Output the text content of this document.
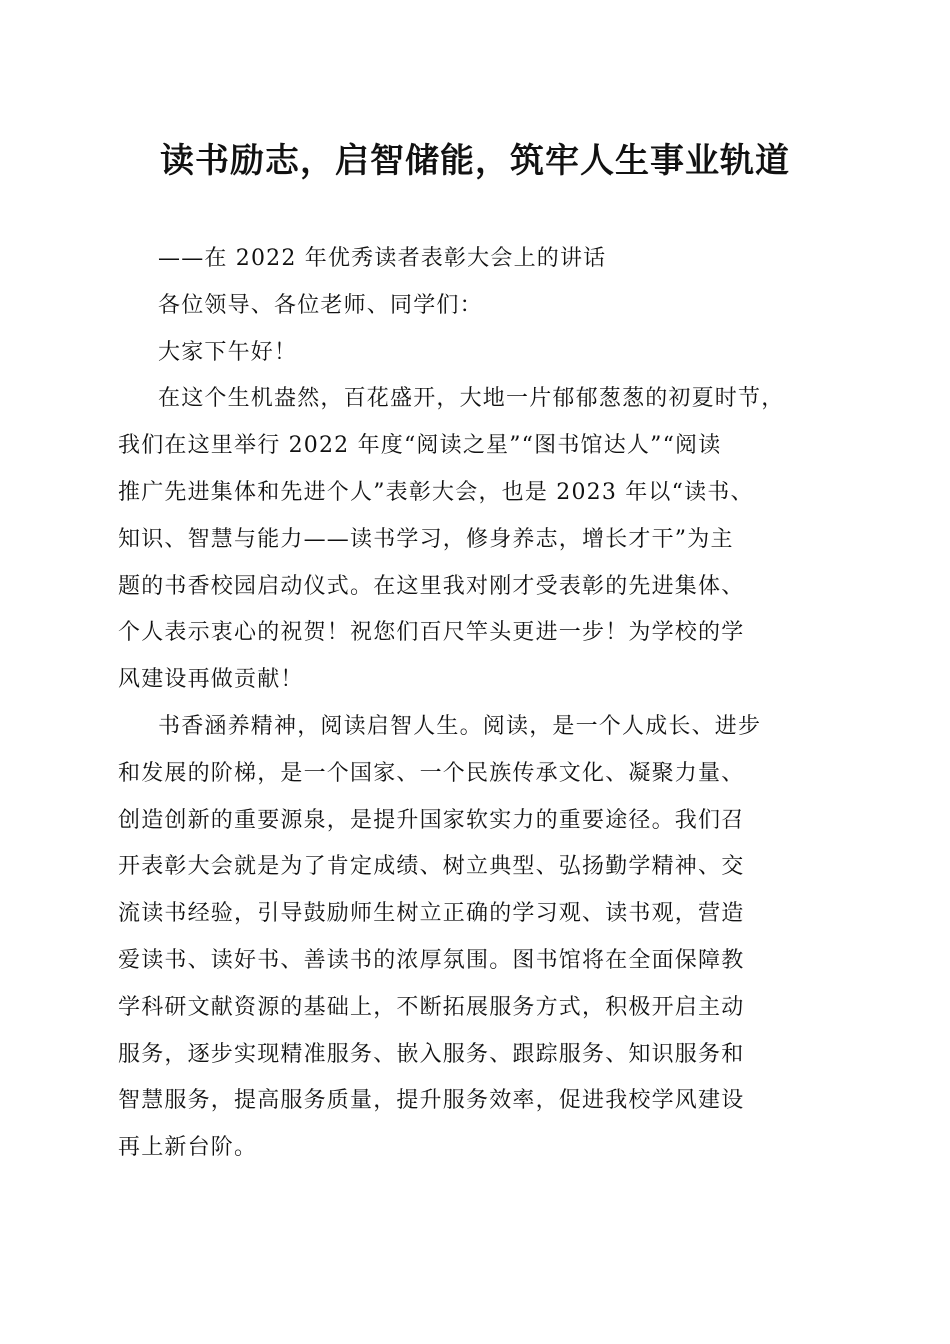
读书励志，启智储能，筑牢人生事业轨道
——在 2022 年优秀读者表彰大会上的讲话
各位领导、各位老师、同学们：
大家下午好！
在这个生机盎然，百花盛开，大地一片郁郁葱葱的初夏时节，
我们在这里举行 2022 年度“阅读之星”“图书馆达人”“阅读
推广先进集体和先进个人”表彰大会，也是 2023 年以“读书、
知识、智慧与能力——读书学习，修身养志，增长才干”为主
题的书香校园启动仪式。在这里我对刚才受表彰的先进集体、
个人表示衷心的祝贺！祝您们百尺竿头更进一步！为学校的学
风建设再做贡献！
书香涵养精神，阅读启智人生。阅读，是一个人成长、进步
和发展的阶梯，是一个国家、一个民族传承文化、凝聚力量、
创造创新的重要源泉，是提升国家软实力的重要途径。我们召
开表彰大会就是为了肯定成绩、树立典型、弘扬勤学精神、交
流读书经验，引导鼓励师生树立正确的学习观、读书观，营造
爱读书、读好书、善读书的浓厚氛围。图书馆将在全面保障教
学科研文献资源的基础上，不断拓展服务方式，积极开启主动
服务，逐步实现精准服务、嵌入服务、跟踪服务、知识服务和
智慧服务，提高服务质量，提升服务效率，促进我校学风建设
再上新台阶。
